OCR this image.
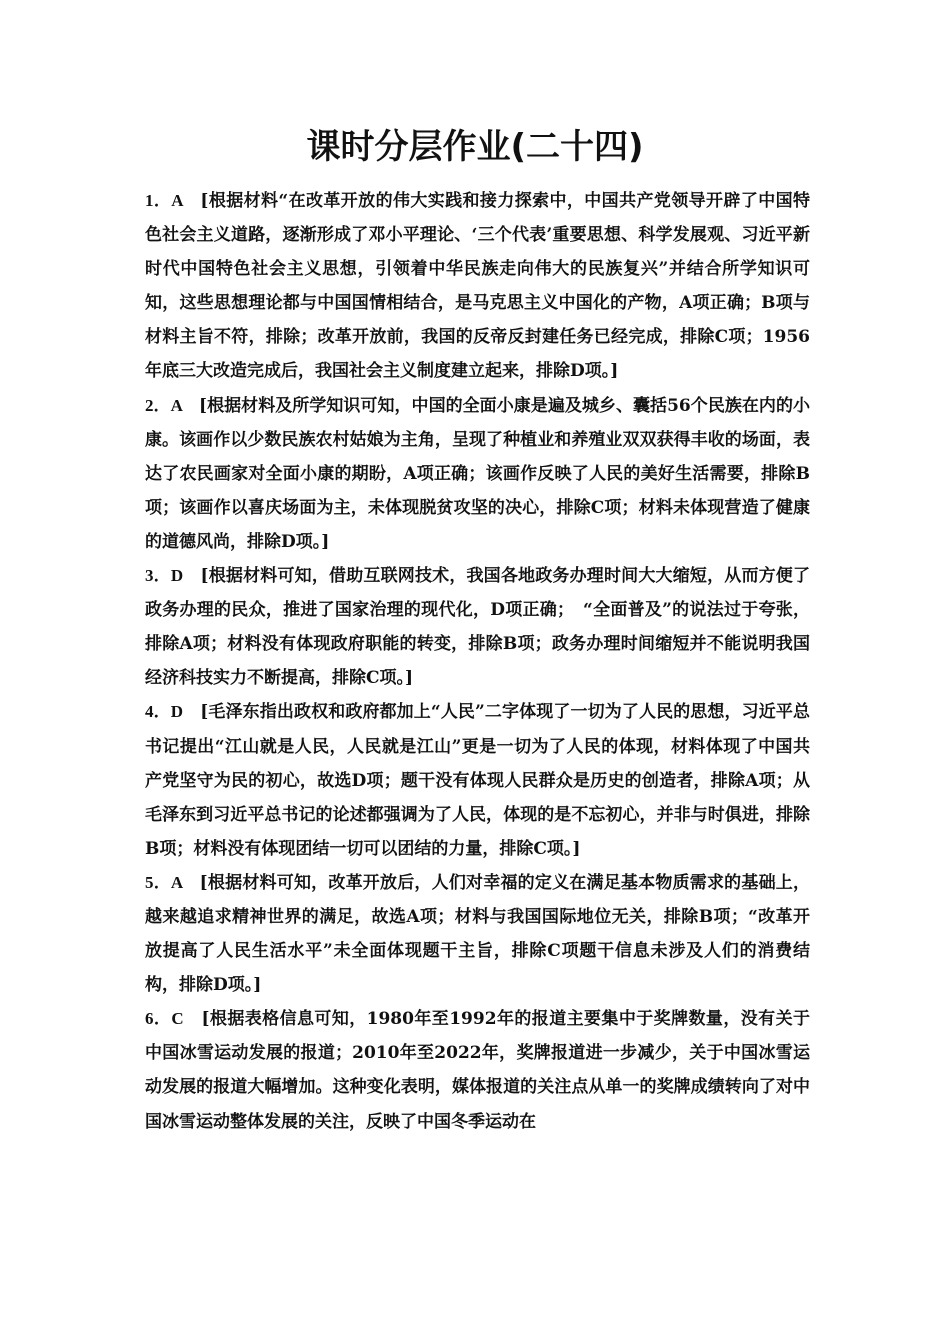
课时分层作业(二十四)

1．A　[根据材料“在改革开放的伟大实践和接力探索中，中国共产党领导开辟了中国特色社会主义道路，逐渐形成了邓小平理论、‘三个代表’重要思想、科学发展观、习近平新时代中国特色社会主义思想，引领着中华民族走向伟大的民族复兴”并结合所学知识可知，这些思想理论都与中国国情相结合，是马克思主义中国化的产物，A项正确；B项与材料主旨不符，排除；改革开放前，我国的反帝反封建任务已经完成，排除C项；1956年底三大改造完成后，我国社会主义制度建立起来，排除D项。]

2．A　[根据材料及所学知识可知，中国的全面小康是遍及城乡、囊括56个民族在内的小康。该画作以少数民族农村姑娘为主角，呈现了种植业和养殖业双双获得丰收的场面，表达了农民画家对全面小康的期盼，A项正确；该画作反映了人民的美好生活需要，排除B项；该画作以喜庆场面为主，未体现脱贫攻坚的决心，排除C项；材料未体现营造了健康的道德风尚，排除D项。]

3．D　[根据材料可知，借助互联网技术，我国各地政务办理时间大大缩短，从而方便了政务办理的民众，推进了国家治理的现代化，D项正确；　“全面普及”的说法过于夸张，排除A项；材料没有体现政府职能的转变，排除B项；政务办理时间缩短并不能说明我国经济科技实力不断提高，排除C项。]

4．D　[毛泽东指出政权和政府都加上“人民”二字体现了一切为了人民的思想，习近平总书记提出“江山就是人民，人民就是江山”更是一切为了人民的体现，材料体现了中国共产党坚守为民的初心，故选D项；题干没有体现人民群众是历史的创造者，排除A项；从毛泽东到习近平总书记的论述都强调为了人民，体现的是不忘初心，并非与时俱进，排除B项；材料没有体现团结一切可以团结的力量，排除C项。]

5．A　[根据材料可知，改革开放后，人们对幸福的定义在满足基本物质需求的基础上，越来越追求精神世界的满足，故选A项；材料与我国国际地位无关，排除B项；“改革开放提高了人民生活水平”未全面体现题干主旨，排除C项题干信息未涉及人们的消费结构，排除D项。]

6．C　[根据表格信息可知，1980年至1992年的报道主要集中于奖牌数量，没有关于中国冰雪运动发展的报道；2010年至2022年，奖牌报道进一步减少，关于中国冰雪运动发展的报道大幅增加。这种变化表明，媒体报道的关注点从单一的奖牌成绩转向了对中国冰雪运动整体发展的关注，反映了中国冬季运动在
